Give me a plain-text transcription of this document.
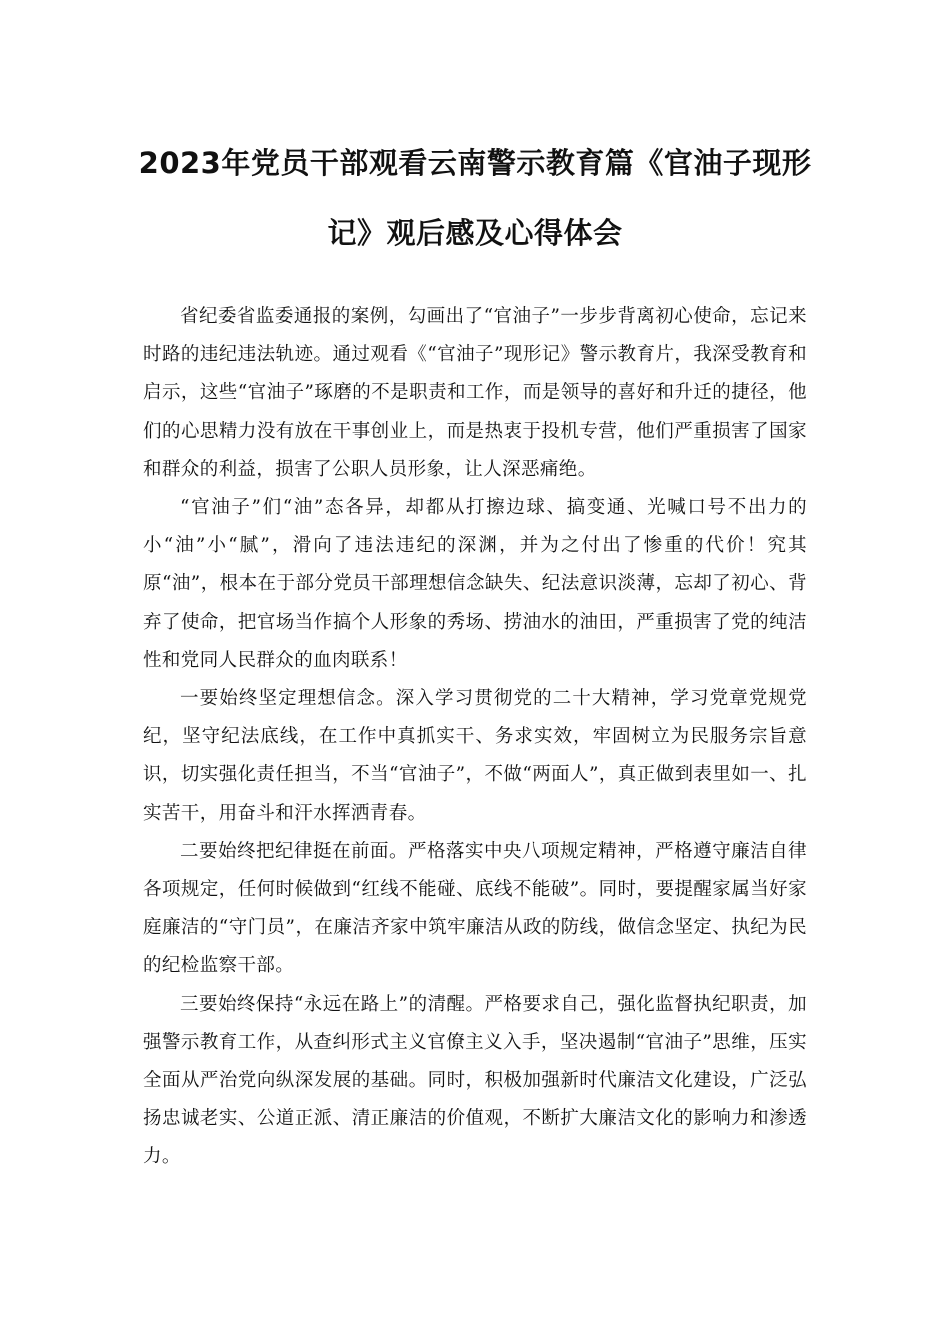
2023年党员干部观看云南警示教育篇《官油子现形记》观后感及心得体会

省纪委省监委通报的案例，勾画出了“官油子”一步步背离初心使命，忘记来时路的违纪违法轨迹。通过观看《“官油子”现形记》警示教育片，我深受教育和启示，这些“官油子”琢磨的不是职责和工作，而是领导的喜好和升迁的捷径，他们的心思精力没有放在干事创业上，而是热衷于投机专营，他们严重损害了国家和群众的利益，损害了公职人员形象，让人深恶痛绝。

“官油子”们“油”态各异，却都从打擦边球、搞变通、光喊口号不出力的小“油”小“腻”，滑向了违法违纪的深渊，并为之付出了惨重的代价！究其原“油”，根本在于部分党员干部理想信念缺失、纪法意识淡薄，忘却了初心、背弃了使命，把官场当作搞个人形象的秀场、捞油水的油田，严重损害了党的纯洁性和党同人民群众的血肉联系！

一要始终坚定理想信念。深入学习贯彻党的二十大精神，学习党章党规党纪，坚守纪法底线，在工作中真抓实干、务求实效，牢固树立为民服务宗旨意识，切实强化责任担当，不当“官油子”，不做“两面人”，真正做到表里如一、扎实苦干，用奋斗和汗水挥洒青春。

二要始终把纪律挺在前面。严格落实中央八项规定精神，严格遵守廉洁自律各项规定，任何时候做到“红线不能碰、底线不能破”。同时，要提醒家属当好家庭廉洁的“守门员”，在廉洁齐家中筑牢廉洁从政的防线，做信念坚定、执纪为民的纪检监察干部。

三要始终保持“永远在路上”的清醒。严格要求自己，强化监督执纪职责，加强警示教育工作，从查纠形式主义官僚主义入手，坚决遏制“官油子”思维，压实全面从严治党向纵深发展的基础。同时，积极加强新时代廉洁文化建设，广泛弘扬忠诚老实、公道正派、清正廉洁的价值观，不断扩大廉洁文化的影响力和渗透力。
